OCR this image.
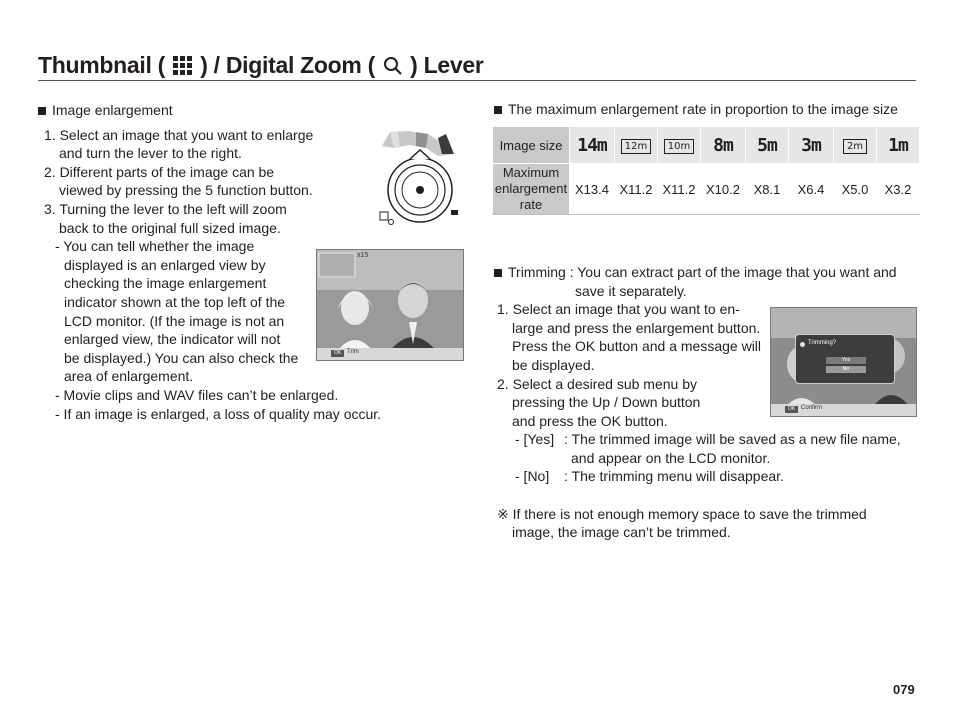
Thumbnail ( ) / Digital Zoom ( ) Lever
Image enlargement
1. Select an image that you want to enlarge
and turn the lever to the right.
2. Different parts of the image can be
viewed by pressing the 5 function button.
3. Turning the lever to the left will zoom
back to the original full sized image.
- You can tell whether the image
displayed is an enlarged view by
checking the image enlargement
indicator shown at the top left of the
LCD monitor. (If the image is not an
enlarged view, the indicator will not
be displayed.) You can also check the
area of enlargement.
- Movie clips and WAV files can’t be enlarged.
- If an image is enlarged, a loss of quality may occur.
x15
OK Trim
The maximum enlargement rate in proportion to the image size
Image size	14m	12m	10m	8m	5m	3m	2m	1m

Maximum
enlargement
rate	X13.4	X11.2	X11.2	X10.2	X8.1	X6.4	X5.0	X3.2
Trimming : You can extract part of the image that you want and
save it separately.
1. Select an image that you want to en-
large and press the enlargement button.
Press the OK button and a message will
be displayed.
2. Select a desired sub menu by
pressing the Up / Down button
and press the OK button.
- [Yes] : The trimmed image will be saved as a new file name,
and appear on the LCD monitor.
- [No] : The trimming menu will disappear.
※ If there is not enough memory space to save the trimmed
image, the image can’t be trimmed.
Trimming?
Yes
No
OK Confirm
079
